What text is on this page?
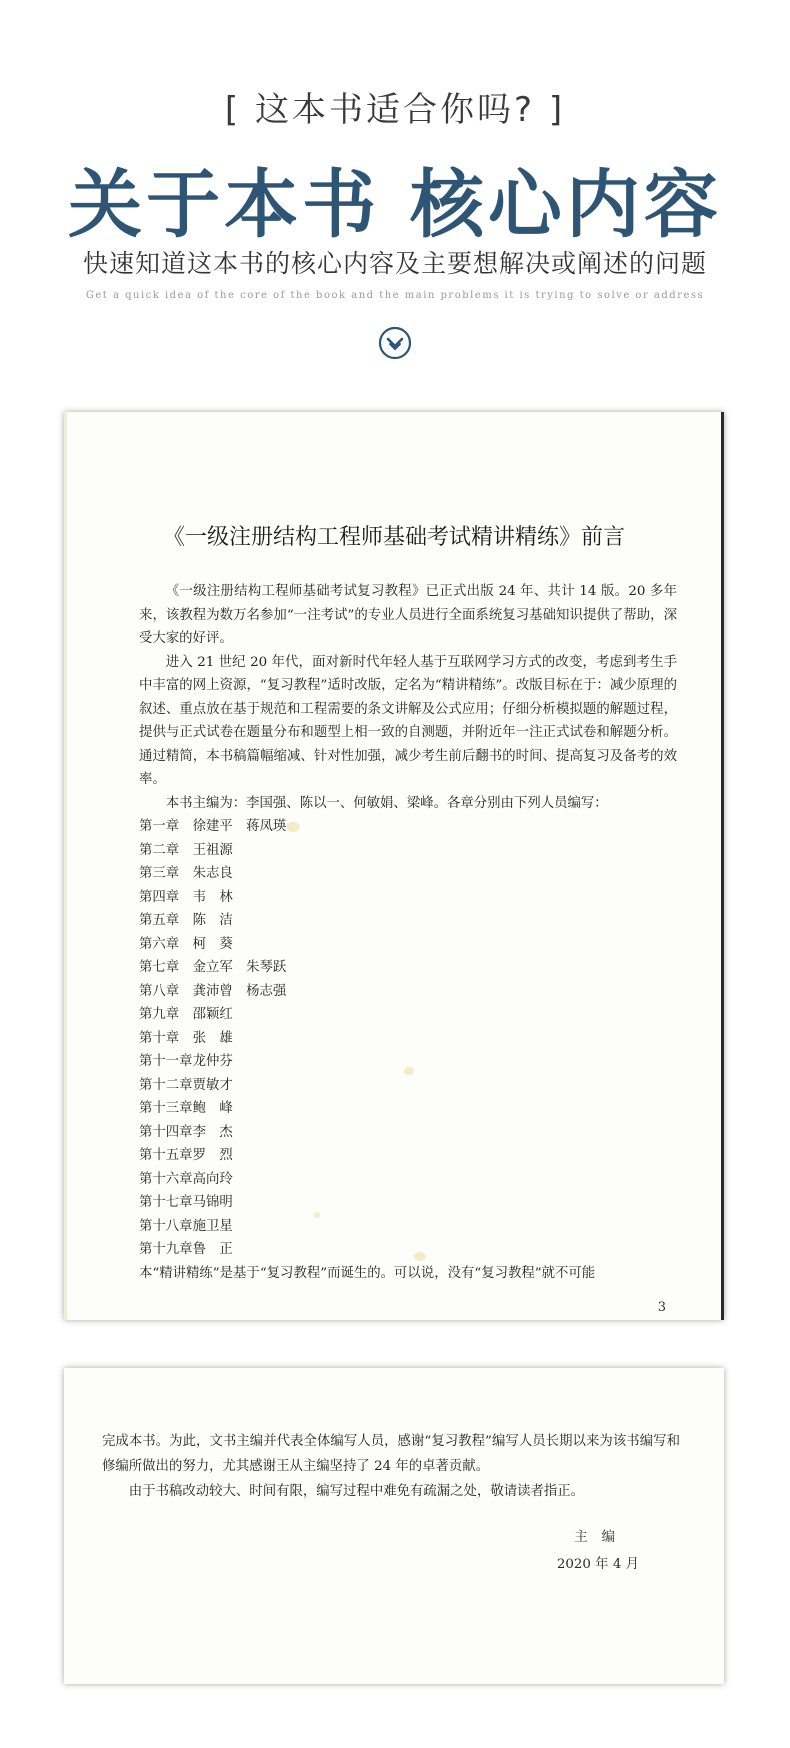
[ 这本书适合你吗? ]
关于本书 核心内容
快速知道这本书的核心内容及主要想解决或阐述的问题
Get a quick idea of the core of the book and the main problems it is trying to solve or address
《一级注册结构工程师基础考试精讲精练》前言

《一级注册结构工程师基础考试复习教程》已正式出版 24 年、共计 14 版。20 多年来，该教程为数万名参加“一注考试”的专业人员进行全面系统复习基础知识提供了帮助，深受大家的好评。

进入 21 世纪 20 年代，面对新时代年轻人基于互联网学习方式的改变，考虑到考生手中丰富的网上资源，“复习教程”适时改版，定名为“精讲精练”。改版目标在于：减少原理的叙述、重点放在基于规范和工程需要的条文讲解及公式应用；仔细分析模拟题的解题过程，提供与正式试卷在题量分布和题型上相一致的自测题，并附近年一注正式试卷和解题分析。通过精简，本书稿篇幅缩减、针对性加强，减少考生前后翻书的时间、提高复习及备考的效率。

本书主编为：李国强、陈以一、何敏娟、梁峰。各章分别由下列人员编写：

第一章 徐建平　蒋凤瑛
第二章 王祖源
第三章 朱志良
第四章 韦　林
第五章 陈　洁
第六章 柯　葵
第七章 金立军　朱琴跃
第八章 龚沛曾　杨志强
第九章 邵颖红
第十章 张　雄
第十一章龙仲芬
第十二章贾敏才
第十三章鲍　峰
第十四章李　杰
第十五章罗　烈
第十六章高向玲
第十七章马锦明
第十八章施卫星
第十九章鲁　正

本“精讲精练”是基于“复习教程”而诞生的。可以说，没有“复习教程”就不可能

3

完成本书。为此，文书主编并代表全体编写人员，感谢“复习教程”编写人员长期以来为该书编写和修编所做出的努力，尤其感谢王从主编坚持了 24 年的卓著贡献。

由于书稿改动较大、时间有限，编写过程中难免有疏漏之处，敬请读者指正。

主编
2020 年 4 月
